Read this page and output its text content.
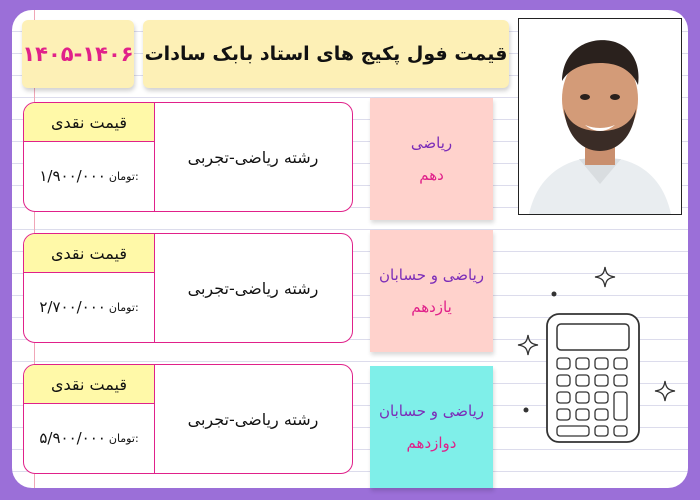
۱۴۰۵-۱۴۰۶ قیمت فول پکیج های استاد بابک سادات
قیمت نقدی
۱/۹۰۰/۰۰۰ تومان:
رشته ریاضی-تجربی
ریاضی
دهم
قیمت نقدی
۲/۷۰۰/۰۰۰ تومان:
رشته ریاضی-تجربی
ریاضی و حسابان
یازدهم
قیمت نقدی
۵/۹۰۰/۰۰۰ تومان:
رشته ریاضی-تجربی	ریاضی و حسابان
دوازدهم
